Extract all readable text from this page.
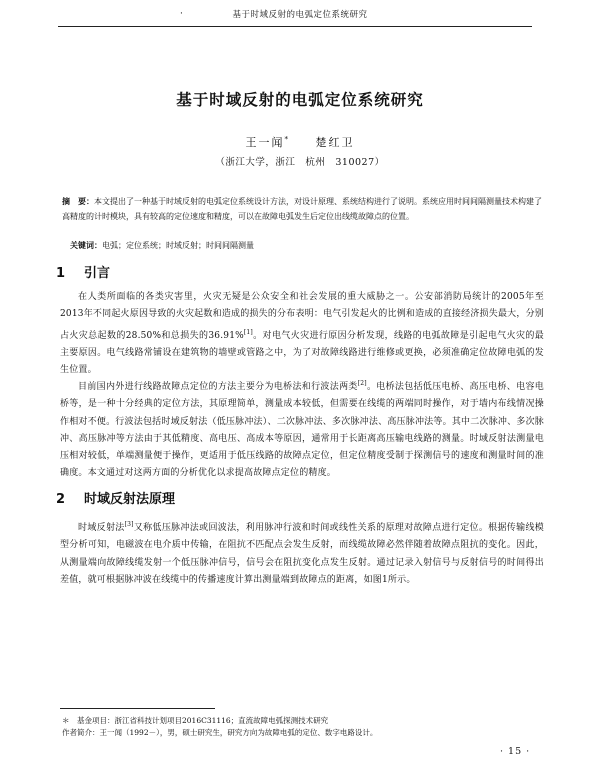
基于时域反射的电弧定位系统研究
·
基于时域反射的电弧定位系统研究
王一闻* 楚红卫
（浙江大学，浙江　杭州　310027）
摘　要：本文提出了一种基于时域反射的电弧定位系统设计方法，对设计原理、系统结构进行了说明。系统应用时间间隔测量技术构建了高精度的计时模块，具有较高的定位速度和精度，可以在故障电弧发生后定位出线缆故障点的位置。
关键词：电弧；定位系统；时域反射；时间间隔测量
1 引言
在人类所面临的各类灾害里，火灾无疑是公众安全和社会发展的重大威胁之一。公安部消防局统计的2005年至2013年不同起火原因导致的火灾起数和造成的损失的分布表明：电气引发起火的比例和造成的直接经济损失最大，分别占火灾总起数的28.50%和总损失的36.91%[1]。对电气火灾进行原因分析发现，线路的电弧故障是引起电气火灾的最主要原因。电气线路常铺设在建筑物的墙壁或管路之中，为了对故障线路进行维修或更换，必须准确定位故障电弧的发生位置。
目前国内外进行线路故障点定位的方法主要分为电桥法和行波法两类[2]。电桥法包括低压电桥、高压电桥、电容电桥等，是一种十分经典的定位方法，其原理简单，测量成本较低，但需要在线缆的两端同时操作，对于墙内布线情况操作相对不便。行波法包括时域反射法（低压脉冲法）、二次脉冲法、多次脉冲法、高压脉冲法等。其中二次脉冲、多次脉冲、高压脉冲等方法由于其低精度、高电压、高成本等原因，通常用于长距离高压输电线路的测量。时域反射法测量电压相对较低，单端测量便于操作，更适用于低压线路的故障点定位，但定位精度受制于探测信号的速度和测量时间的准确度。本文通过对这两方面的分析优化以求提高故障点定位的精度。
2 时域反射法原理
时域反射法[3]又称低压脉冲法或回波法，利用脉冲行波和时间或线性关系的原理对故障点进行定位。根据传输线模型分析可知，电磁波在电介质中传输，在阻抗不匹配点会发生反射，而线缆故障必然伴随着故障点阻抗的变化。因此，从测量端向故障线缆发射一个低压脉冲信号，信号会在阻抗变化点发生反射。通过记录入射信号与反射信号的时间得出差值，就可根据脉冲波在线缆中的传播速度计算出测量端到故障点的距离，如图1所示。
＊　基金项目：浙江省科技计划项目2016C31116；直流故障电弧探测技术研究
作者简介：王一闻（1992－），男，硕士研究生，研究方向为故障电弧的定位、数字电路设计。
· 15 ·
